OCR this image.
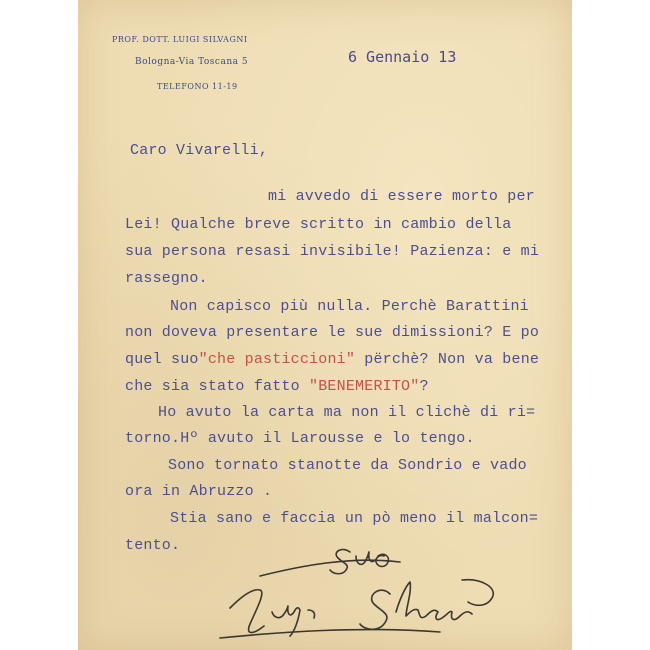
PROF. DOTT. LUIGI SILVAGNI
Bologna-Via Toscana 5
TELEFONO 11-19
6 Gennaio 13
Caro Vivarelli,
mi avvedo di essere morto per
Lei! Qualche breve scritto in cambio della
sua persona resasi invisibile! Pazienza: e mi
rassegno.
Non capisco più nulla. Perchè Barattini
non doveva presentare le sue dimissioni? E po
quel suo"che pasticcioni" përchè? Non va bene
che sia stato fatto "BENEMERITO"?
Ho avuto la carta ma non il clichè di ri=
torno.Hº avuto il Larousse e lo tengo.
Sono tornato stanotte da Sondrio e vado
ora in Abruzzo .
Stia sano e faccia un pò meno il malcon=
tento.
